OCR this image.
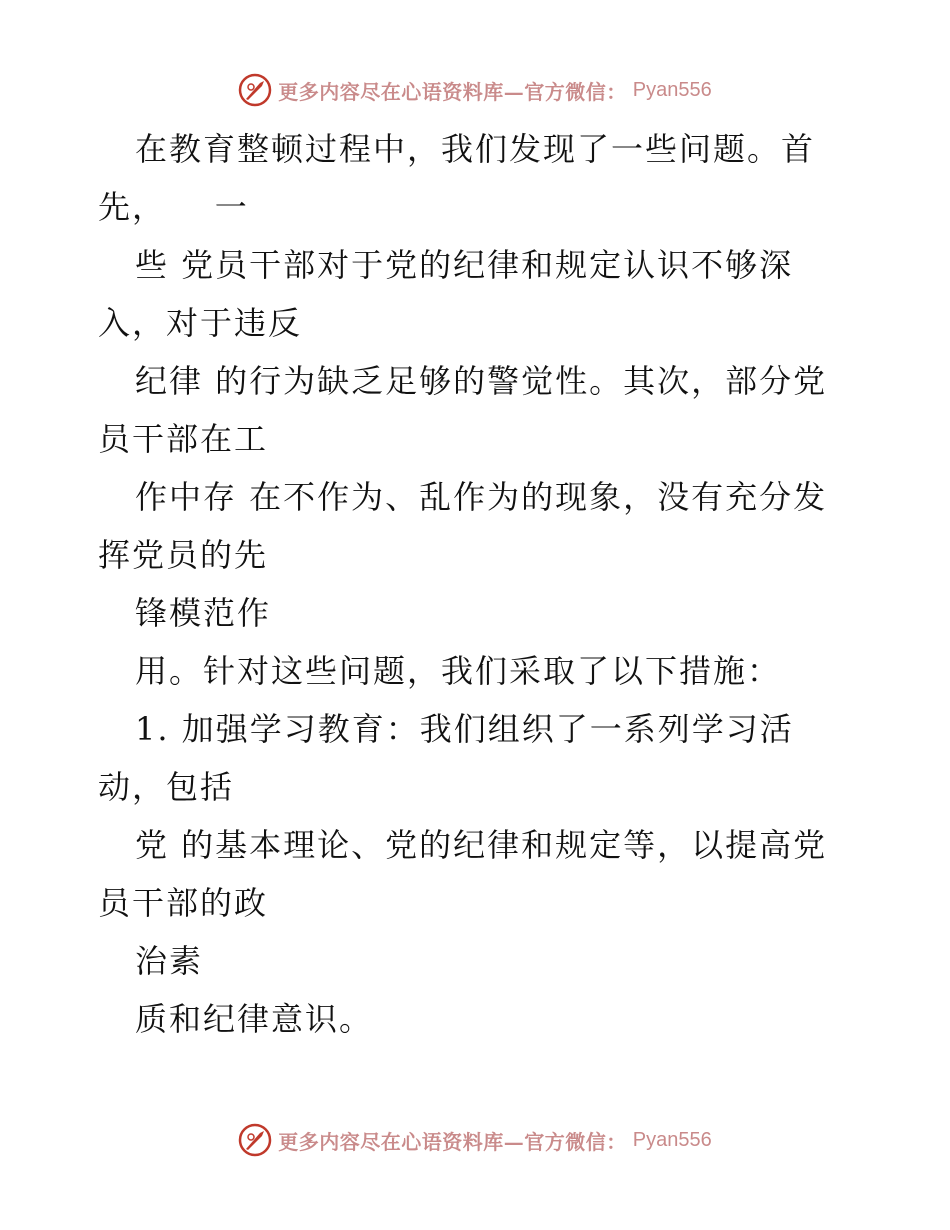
更多内容尽在心语资料库—官方微信： Pyan556
在教育整顿过程中，我们发现了一些问题。首
先，    一
些 党员干部对于党的纪律和规定认识不够深
入，对于违反
纪律 的行为缺乏足够的警觉性。其次，部分党
员干部在工
作中存 在不作为、乱作为的现象，没有充分发
挥党员的先
锋模范作
用。针对这些问题，我们采取了以下措施：
1. 加强学习教育：我们组织了一系列学习活
动，包括
党 的基本理论、党的纪律和规定等，以提高党
员干部的政
治素
质和纪律意识。
更多内容尽在心语资料库—官方微信： Pyan556
